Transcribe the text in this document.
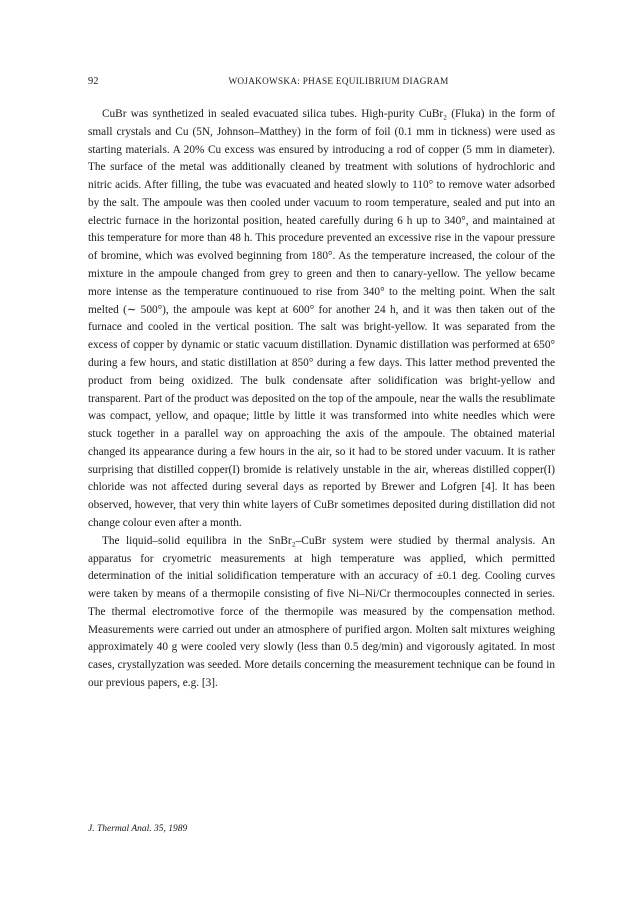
92	WOJAKOWSKA: PHASE EQUILIBRIUM DIAGRAM

CuBr was synthetized in sealed evacuated silica tubes. High-purity CuBr₂ (Fluka) in the form of small crystals and Cu (5N, Johnson–Matthey) in the form of foil (0.1 mm in tickness) were used as starting materials. A 20% Cu excess was ensured by introducing a rod of copper (5 mm in diameter). The surface of the metal was additionally cleaned by treatment with solutions of hydrochloric and nitric acids. After filling, the tube was evacuated and heated slowly to 110° to remove water adsorbed by the salt. The ampoule was then cooled under vacuum to room temperature, sealed and put into an electric furnace in the horizontal position, heated carefully during 6 h up to 340°, and maintained at this temperature for more than 48 h. This procedure prevented an excessive rise in the vapour pressure of bromine, which was evolved beginning from 180°. As the temperature increased, the colour of the mixture in the ampoule changed from grey to green and then to canary-yellow. The yellow became more intense as the temperature continuoued to rise from 340° to the melting point. When the salt melted (∼ 500°), the ampoule was kept at 600° for another 24 h, and it was then taken out of the furnace and cooled in the vertical position. The salt was bright-yellow. It was separated from the excess of copper by dynamic or static vacuum distillation. Dynamic distillation was performed at 650° during a few hours, and static distillation at 850° during a few days. This latter method prevented the product from being oxidized. The bulk condensate after solidification was bright-yellow and transparent. Part of the product was deposited on the top of the ampoule, near the walls the resublimate was compact, yellow, and opaque; little by little it was transformed into white needles which were stuck together in a parallel way on approaching the axis of the ampoule. The obtained material changed its appearance during a few hours in the air, so it had to be stored under vacuum. It is rather surprising that distilled copper(I) bromide is relatively unstable in the air, whereas distilled copper(I) chloride was not affected during several days as reported by Brewer and Lofgren [4]. It has been observed, however, that very thin white layers of CuBr sometimes deposited during distillation did not change colour even after a month.

The liquid–solid equilibra in the SnBr₂–CuBr system were studied by thermal analysis. An apparatus for cryometric measurements at high temperature was applied, which permitted determination of the initial solidification temperature with an accuracy of ±0.1 deg. Cooling curves were taken by means of a thermopile consisting of five Ni–Ni/Cr thermocouples connected in series. The thermal electromotive force of the thermopile was measured by the compensation method. Measurements were carried out under an atmosphere of purified argon. Molten salt mixtures weighing approximately 40 g were cooled very slowly (less than 0.5 deg/min) and vigorously agitated. In most cases, crystallyzation was seeded. More details concerning the measurement technique can be found in our previous papers, e.g. [3].

J. Thermal Anal. 35, 1989
